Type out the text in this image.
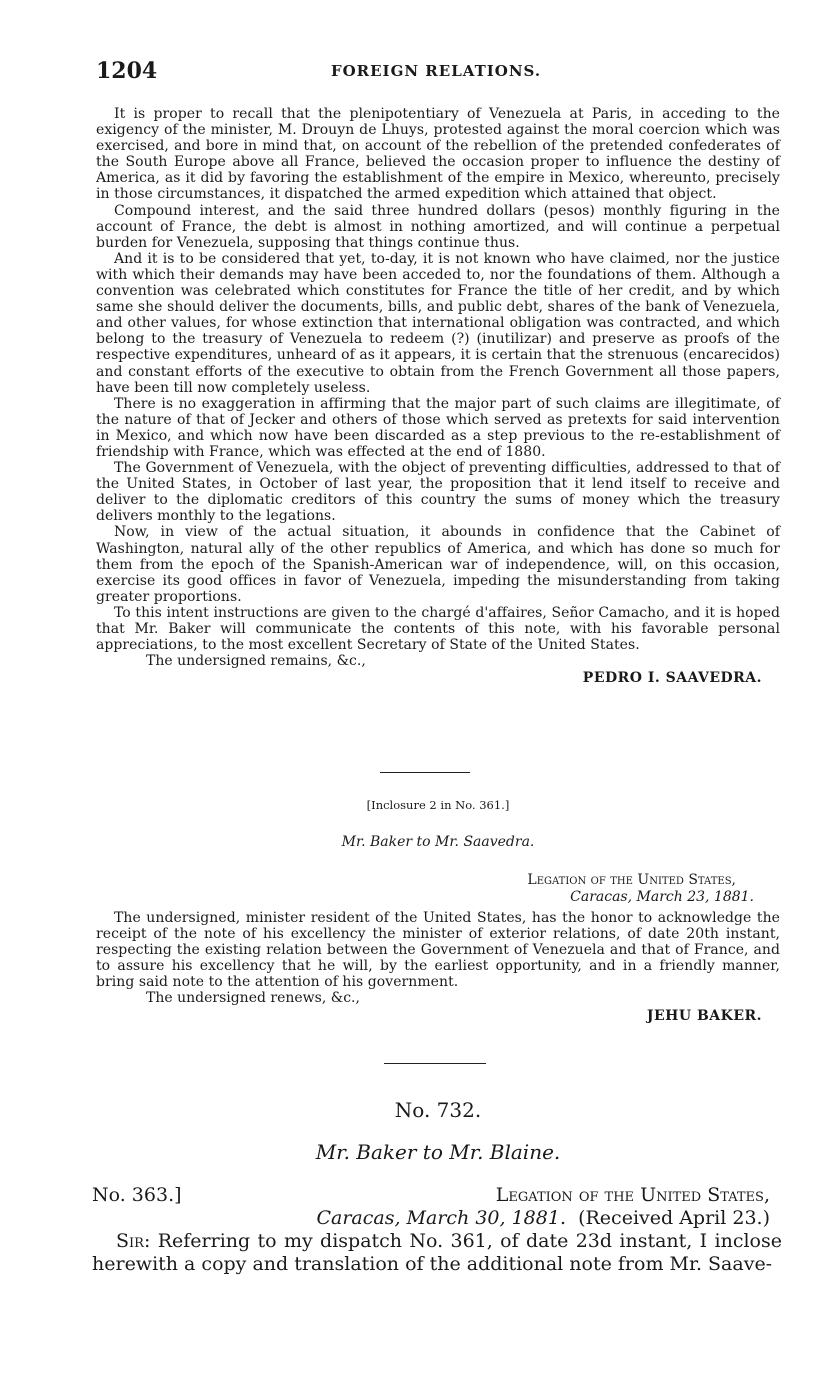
1204	FOREIGN RELATIONS.

It is proper to recall that the plenipotentiary of Venezuela at Paris, in acceding to the exigency of the minister, M. Drouyn de Lhuys, protested against the moral coercion which was exercised, and bore in mind that, on account of the rebellion of the pretended confederates of the South Europe above all France, believed the occasion proper to influence the destiny of America, as it did by favoring the establishment of the empire in Mexico, whereunto, precisely in those circumstances, it dispatched the armed expedition which attained that object.

Compound interest, and the said three hundred dollars (pesos) monthly figuring in the account of France, the debt is almost in nothing amortized, and will continue a perpetual burden for Venezuela, supposing that things continue thus.

And it is to be considered that yet, to-day, it is not known who have claimed, nor the justice with which their demands may have been acceded to, nor the foundations of them. Although a convention was celebrated which constitutes for France the title of her credit, and by which same she should deliver the documents, bills, and public debt, shares of the bank of Venezuela, and other values, for whose extinction that international obligation was contracted, and which belong to the treasury of Venezuela to redeem (?) (inutilizar) and preserve as proofs of the respective expenditures, unheard of as it appears, it is certain that the strenuous (encarecidos) and constant efforts of the executive to obtain from the French Government all those papers, have been till now completely useless.

There is no exaggeration in affirming that the major part of such claims are illegitimate, of the nature of that of Jecker and others of those which served as pretexts for said intervention in Mexico, and which now have been discarded as a step previous to the re-establishment of friendship with France, which was effected at the end of 1880.

The Government of Venezuela, with the object of preventing difficulties, addressed to that of the United States, in October of last year, the proposition that it lend itself to receive and deliver to the diplomatic creditors of this country the sums of money which the treasury delivers monthly to the legations.

Now, in view of the actual situation, it abounds in confidence that the Cabinet of Washington, natural ally of the other republics of America, and which has done so much for them from the epoch of the Spanish-American war of independence, will, on this occasion, exercise its good offices in favor of Venezuela, impeding the misunderstanding from taking greater proportions.

To this intent instructions are given to the chargé d'affaires, Señor Camacho, and it is hoped that Mr. Baker will communicate the contents of this note, with his favorable personal appreciations, to the most excellent Secretary of State of the United States.

The undersigned remains, &c.,

PEDRO I. SAAVEDRA.

[Inclosure 2 in No. 361.]
Mr. Baker to Mr. Saavedra.
Legation of the United States,
Caracas, March 23, 1881.

The undersigned, minister resident of the United States, has the honor to acknowledge the receipt of the note of his excellency the minister of exterior relations, of date 20th instant, respecting the existing relation between the Government of Venezuela and that of France, and to assure his excellency that he will, by the earliest opportunity, and in a friendly manner, bring said note to the attention of his government.

The undersigned renews, &c.,

JEHU BAKER.

No. 732.
Mr. Baker to Mr. Blaine.
No. 363.]	Legation of the United States,
Caracas, March 30, 1881. (Received April 23.)

Sir: Referring to my dispatch No. 361, of date 23d instant, I inclose herewith a copy and translation of the additional note from Mr. Saave-
